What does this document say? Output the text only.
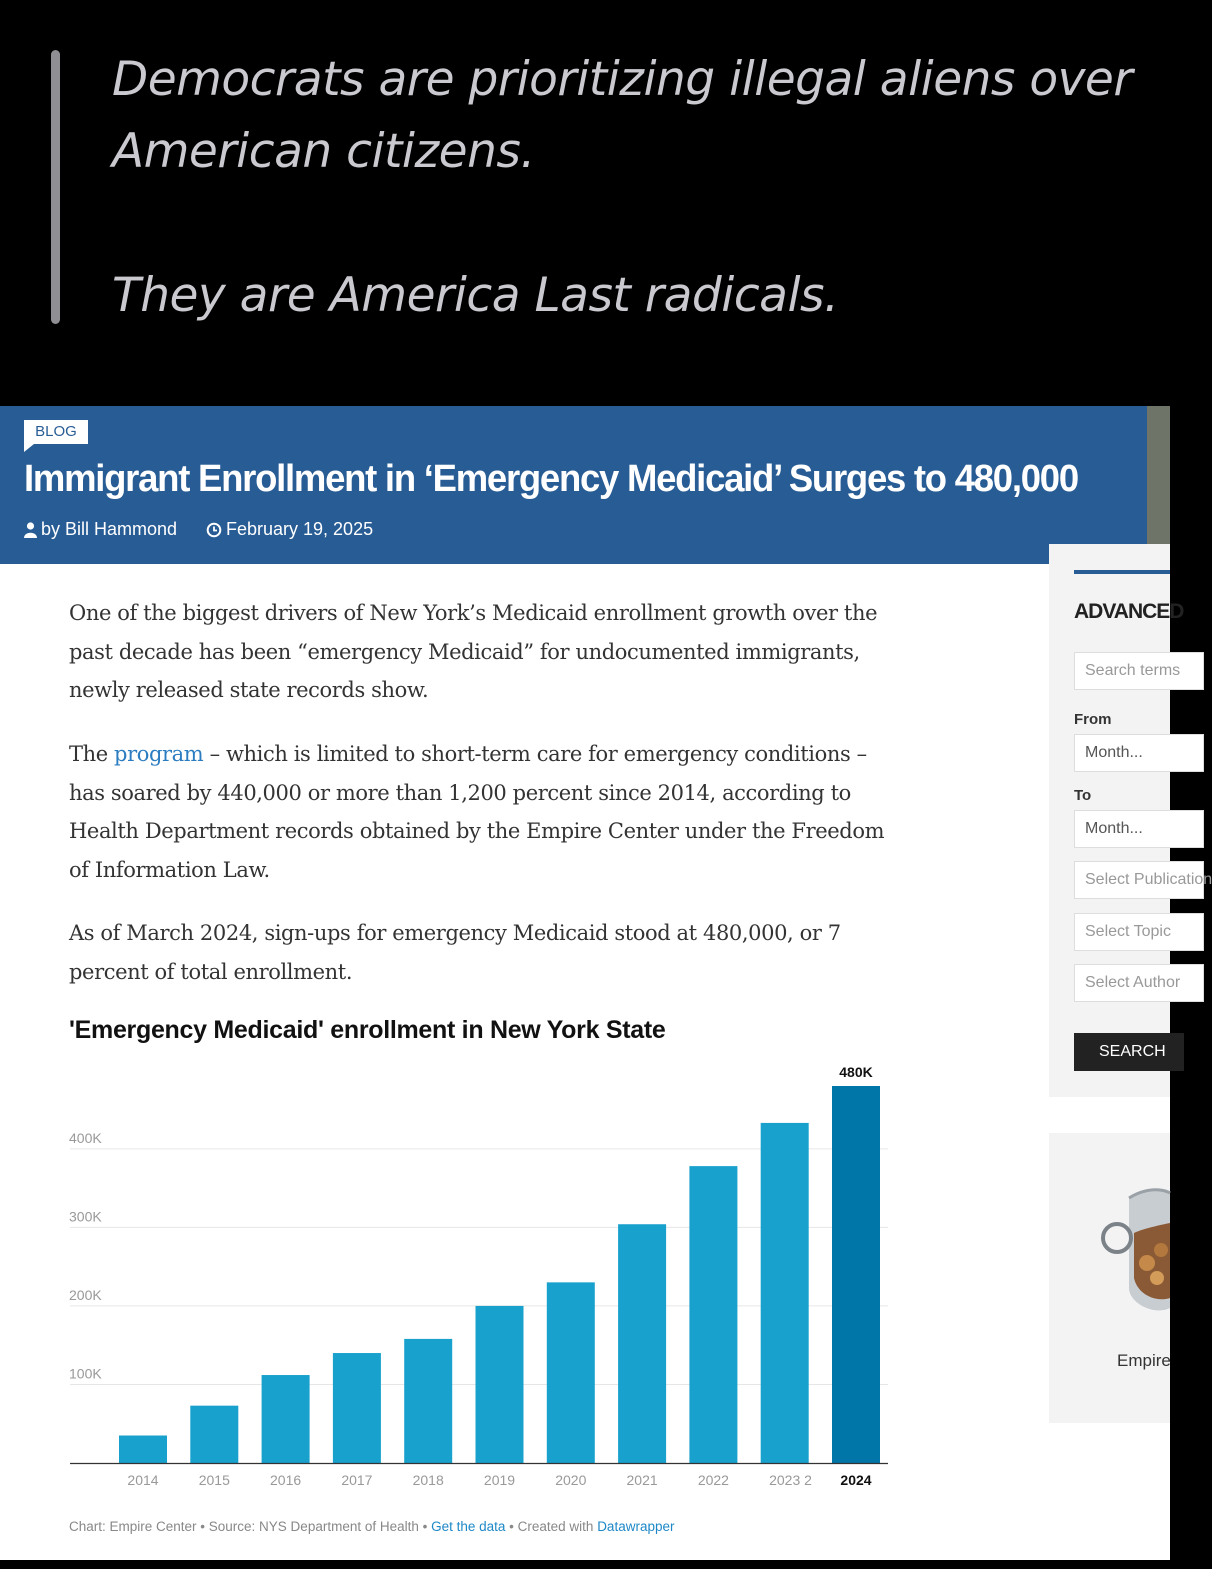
Democrats are prioritizing illegal aliens over
American citizens.
They are America Last radicals.
BLOG
Immigrant Enrollment in ‘Emergency Medicaid’ Surges to 480,000
by Bill Hammond	February 19, 2025
One of the biggest drivers of New York’s Medicaid enrollment growth over the past decade has been “emergency Medicaid” for undocumented immigrants, newly released state records show.
The program – which is limited to short-term care for emergency conditions – has soared by 440,000 or more than 1,200 percent since 2014, according to Health Department records obtained by the Empire Center under the Freedom of Information Law.
As of March 2024, sign-ups for emergency Medicaid stood at 480,000, or 7 percent of total enrollment.
'Emergency Medicaid' enrollment in New York State
100K
200K
300K
400K
2014	2015	2016	2017	2018	2019	2020	2021	2022	2023	2024
480K
2
Chart: Empire Center • Source: NYS Department of Health • Get the data • Created with Datawrapper
ADVANCED
Search terms
From
Month...
To
Month...
Select Publication
Select Topic
Select Author
SEARCH
Empire
